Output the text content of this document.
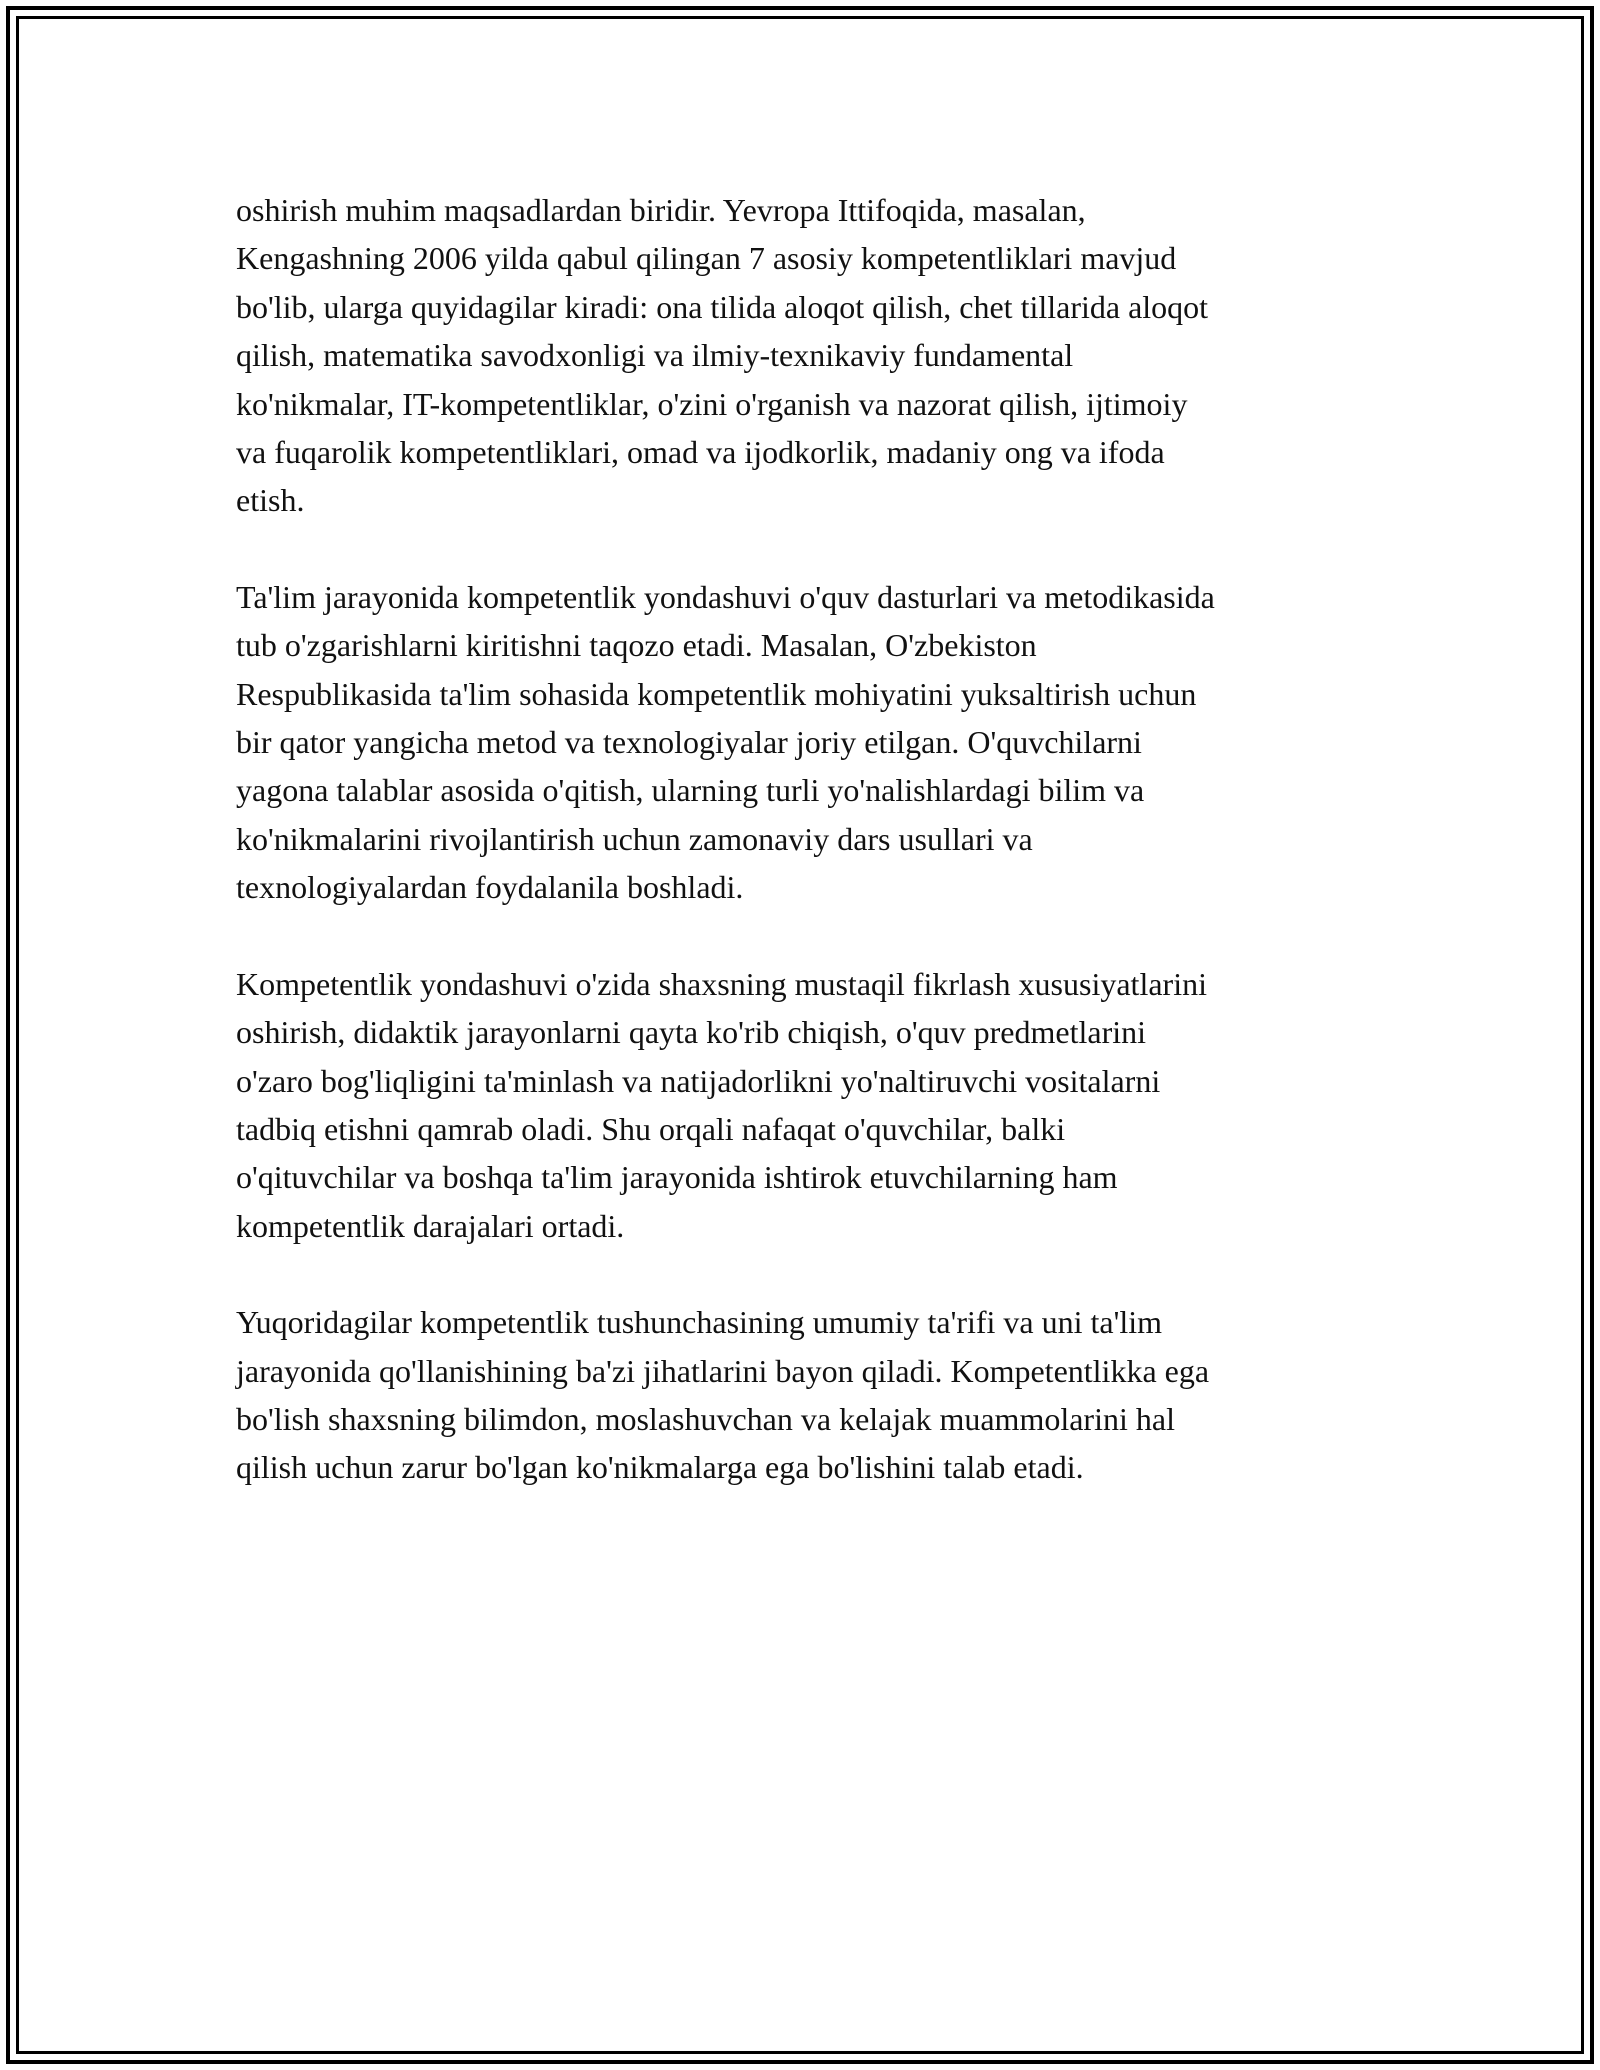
oshirish muhim maqsadlardan biridir. Yevropa Ittifoqida, masalan,
Kengashning 2006 yilda qabul qilingan 7 asosiy kompetentliklari mavjud
bo'lib, ularga quyidagilar kiradi: ona tilida aloqot qilish, chet tillarida aloqot
qilish, matematika savodxonligi va ilmiy-texnikaviy fundamental
ko'nikmalar, IT-kompetentliklar, o'zini o'rganish va nazorat qilish, ijtimoiy
va fuqarolik kompetentliklari, omad va ijodkorlik, madaniy ong va ifoda
etish.

Ta'lim jarayonida kompetentlik yondashuvi o'quv dasturlari va metodikasida
tub o'zgarishlarni kiritishni taqozo etadi. Masalan, O'zbekiston
Respublikasida ta'lim sohasida kompetentlik mohiyatini yuksaltirish uchun
bir qator yangicha metod va texnologiyalar joriy etilgan. O'quvchilarni
yagona talablar asosida o'qitish, ularning turli yo'nalishlardagi bilim va
ko'nikmalarini rivojlantirish uchun zamonaviy dars usullari va
texnologiyalardan foydalanila boshladi.

Kompetentlik yondashuvi o'zida shaxsning mustaqil fikrlash xususiyatlarini
oshirish, didaktik jarayonlarni qayta ko'rib chiqish, o'quv predmetlarini
o'zaro bog'liqligini ta'minlash va natijadorlikni yo'naltiruvchi vositalarni
tadbiq etishni qamrab oladi. Shu orqali nafaqat o'quvchilar, balki
o'qituvchilar va boshqa ta'lim jarayonida ishtirok etuvchilarning ham
kompetentlik darajalari ortadi.

Yuqoridagilar kompetentlik tushunchasining umumiy ta'rifi va uni ta'lim
jarayonida qo'llanishining ba'zi jihatlarini bayon qiladi. Kompetentlikka ega
bo'lish shaxsning bilimdon, moslashuvchan va kelajak muammolarini hal
qilish uchun zarur bo'lgan ko'nikmalarga ega bo'lishini talab etadi.
